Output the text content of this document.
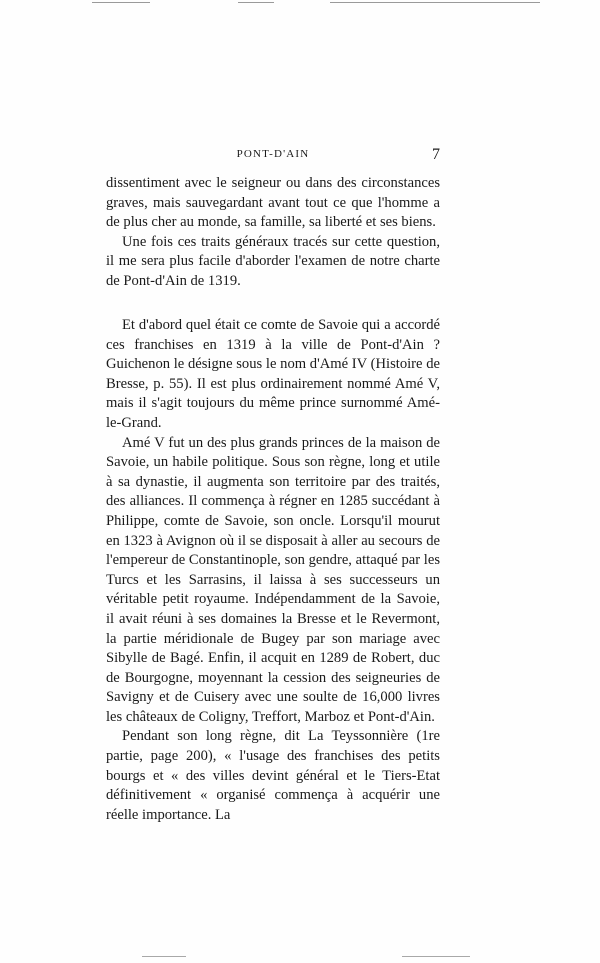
PONT-D'AIN	7

dissentiment avec le seigneur ou dans des circonstances graves, mais sauvegardant avant tout ce que l'homme a de plus cher au monde, sa famille, sa liberté et ses biens.

Une fois ces traits généraux tracés sur cette question, il me sera plus facile d'aborder l'examen de notre charte de Pont-d'Ain de 1319.

Et d'abord quel était ce comte de Savoie qui a accordé ces franchises en 1319 à la ville de Pont-d'Ain ? Guichenon le désigne sous le nom d'Amé IV (Histoire de Bresse, p. 55). Il est plus ordinairement nommé Amé V, mais il s'agit toujours du même prince surnommé Amé-le-Grand.

Amé V fut un des plus grands princes de la maison de Savoie, un habile politique. Sous son règne, long et utile à sa dynastie, il augmenta son territoire par des traités, des alliances. Il commença à régner en 1285 succédant à Philippe, comte de Savoie, son oncle. Lorsqu'il mourut en 1323 à Avignon où il se disposait à aller au secours de l'empereur de Constantinople, son gendre, attaqué par les Turcs et les Sarrasins, il laissa à ses successeurs un véritable petit royaume. Indépendamment de la Savoie, il avait réuni à ses domaines la Bresse et le Revermont, la partie méridionale de Bugey par son mariage avec Sibylle de Bagé. Enfin, il acquit en 1289 de Robert, duc de Bourgogne, moyennant la cession des seigneuries de Savigny et de Cuisery avec une soulte de 16,000 livres les châteaux de Coligny, Treffort, Marboz et Pont-d'Ain.

Pendant son long règne, dit La Teyssonnière (1re partie, page 200), « l'usage des franchises des petits bourgs et « des villes devint général et le Tiers-Etat définitivement « organisé commença à acquérir une réelle importance. La
